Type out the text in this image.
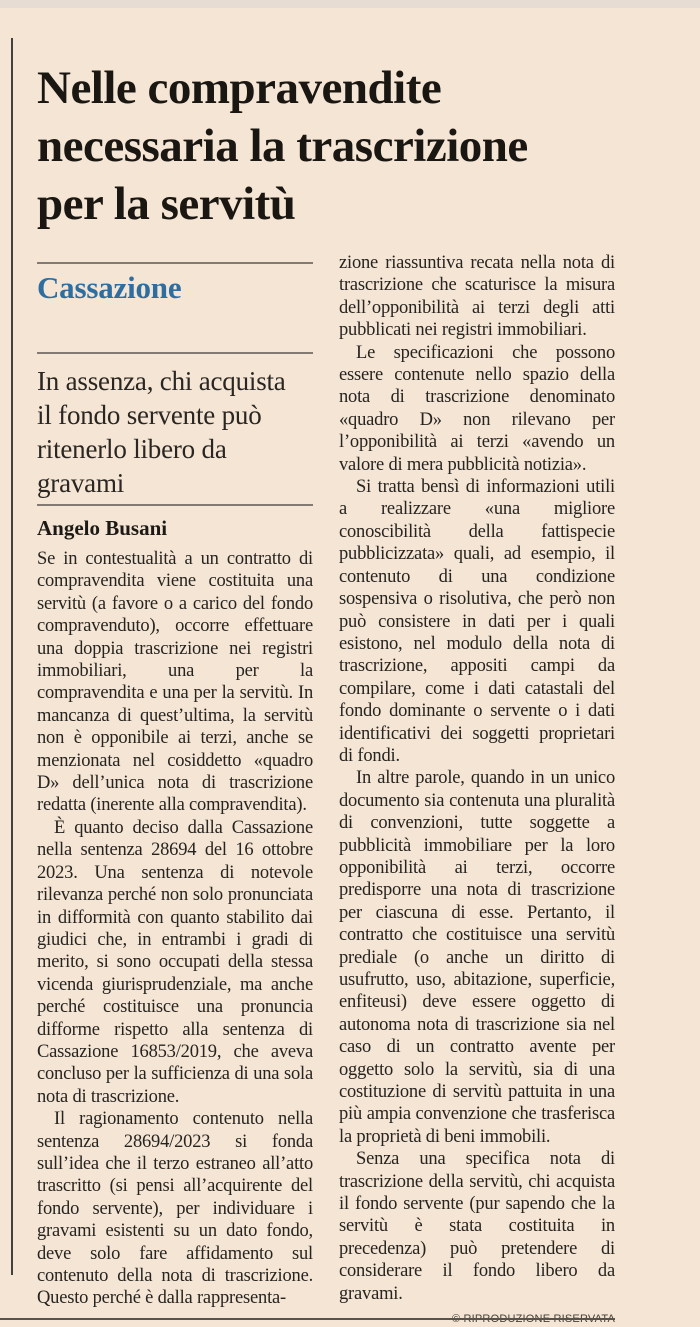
Nelle compravendite
necessaria la trascrizione
per la servitù
Cassazione
In assenza, chi acquista
il fondo servente può
ritenerlo libero da gravami
Angelo Busani

Se in contestualità a un contratto di compravendita viene costituita una servitù (a favore o a carico del fondo compravenduto), occorre effettuare una doppia trascrizione nei registri immobiliari, una per la compravendita e una per la servitù. In mancanza di quest’ultima, la servitù non è opponibile ai terzi, anche se menzionata nel cosiddetto «quadro D» dell’unica nota di trascrizione redatta (inerente alla compravendita).

È quanto deciso dalla Cassazione nella sentenza 28694 del 16 ottobre 2023. Una sentenza di notevole rilevanza perché non solo pronunciata in difformità con quanto stabilito dai giudici che, in entrambi i gradi di merito, si sono occupati della stessa vicenda giurisprudenziale, ma anche perché costituisce una pronuncia difforme rispetto alla sentenza di Cassazione 16853/2019, che aveva concluso per la sufficienza di una sola nota di trascrizione.

Il ragionamento contenuto nella sentenza 28694/2023 si fonda sull’idea che il terzo estraneo all’atto trascritto (si pensi all’acquirente del fondo servente), per individuare i gravami esistenti su un dato fondo, deve solo fare affidamento sul contenuto della nota di trascrizione. Questo perché è dalla rappresenta-

zione riassuntiva recata nella nota di trascrizione che scaturisce la misura dell’opponibilità ai terzi degli atti pubblicati nei registri immobiliari.

Le specificazioni che possono essere contenute nello spazio della nota di trascrizione denominato «quadro D» non rilevano per l’opponibilità ai terzi «avendo un valore di mera pubblicità notizia».

Si tratta bensì di informazioni utili a realizzare «una migliore conoscibilità della fattispecie pubblicizzata» quali, ad esempio, il contenuto di una condizione sospensiva o risolutiva, che però non può consistere in dati per i quali esistono, nel modulo della nota di trascrizione, appositi campi da compilare, come i dati catastali del fondo dominante o servente o i dati identificativi dei soggetti proprietari di fondi.

In altre parole, quando in un unico documento sia contenuta una pluralità di convenzioni, tutte soggette a pubblicità immobiliare per la loro opponibilità ai terzi, occorre predisporre una nota di trascrizione per ciascuna di esse. Pertanto, il contratto che costituisce una servitù prediale (o anche un diritto di usufrutto, uso, abitazione, superficie, enfiteusi) deve essere oggetto di autonoma nota di trascrizione sia nel caso di un contratto avente per oggetto solo la servitù, sia di una costituzione di servitù pattuita in una più ampia convenzione che trasferisca la proprietà di beni immobili.

Senza una specifica nota di trascrizione della servitù, chi acquista il fondo servente (pur sapendo che la servitù è stata costituita in precedenza) può pretendere di considerare il fondo libero da gravami.
